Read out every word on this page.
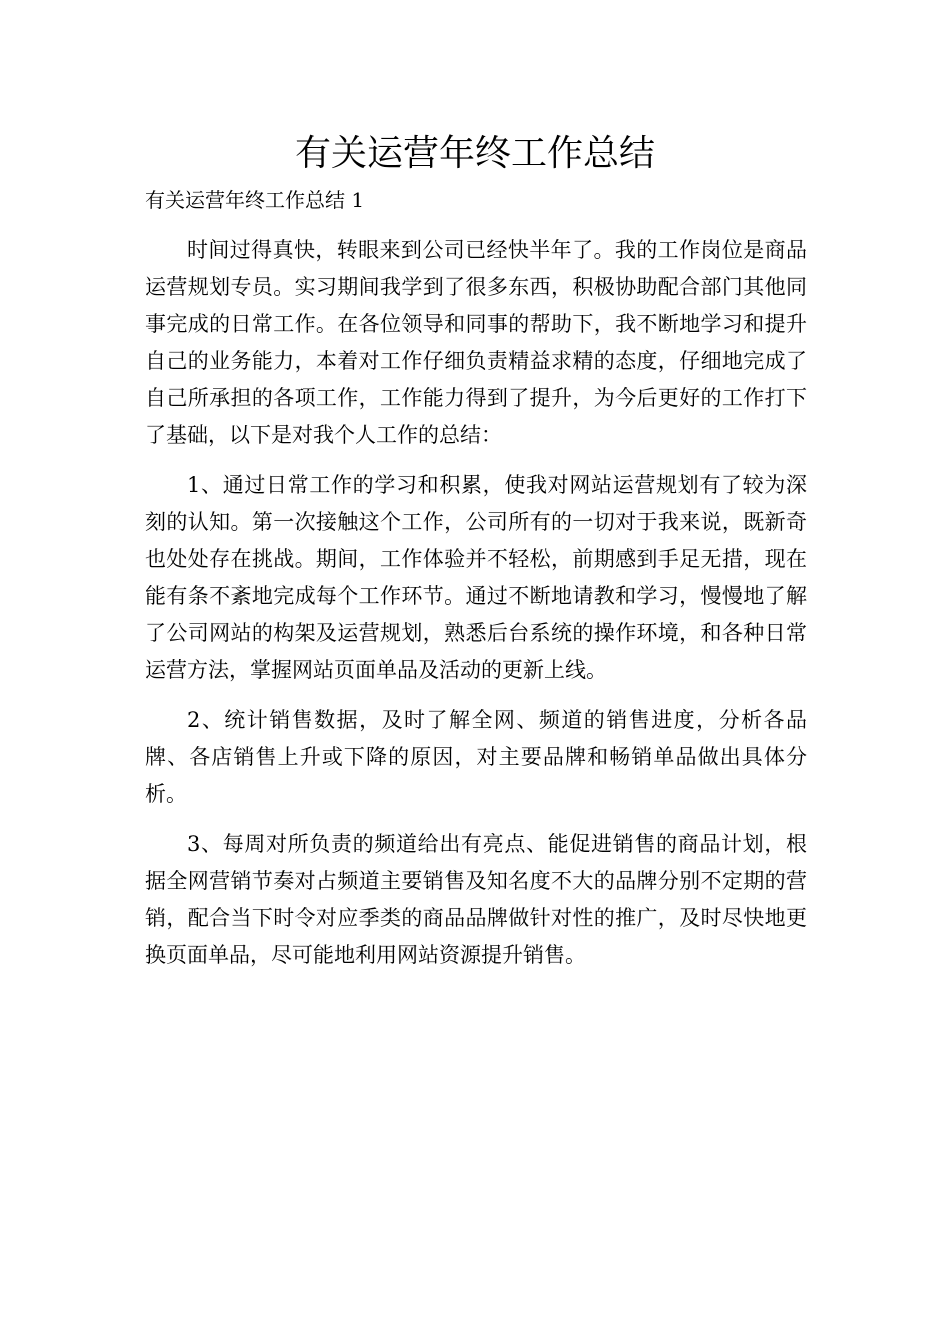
有关运营年终工作总结
有关运营年终工作总结 1

时间过得真快，转眼来到公司已经快半年了。我的工作岗位是商品运营规划专员。实习期间我学到了很多东西，积极协助配合部门其他同事完成的日常工作。在各位领导和同事的帮助下，我不断地学习和提升自己的业务能力，本着对工作仔细负责精益求精的态度，仔细地完成了自己所承担的各项工作，工作能力得到了提升，为今后更好的工作打下了基础，以下是对我个人工作的总结：

1、通过日常工作的学习和积累，使我对网站运营规划有了较为深刻的认知。第一次接触这个工作，公司所有的一切对于我来说，既新奇也处处存在挑战。期间，工作体验并不轻松，前期感到手足无措，现在能有条不紊地完成每个工作环节。通过不断地请教和学习，慢慢地了解了公司网站的构架及运营规划，熟悉后台系统的操作环境，和各种日常运营方法，掌握网站页面单品及活动的更新上线。

2、统计销售数据，及时了解全网、频道的销售进度，分析各品牌、各店销售上升或下降的原因，对主要品牌和畅销单品做出具体分析。

3、每周对所负责的频道给出有亮点、能促进销售的商品计划，根据全网营销节奏对占频道主要销售及知名度不大的品牌分别不定期的营销，配合当下时令对应季类的商品品牌做针对性的推广，及时尽快地更换页面单品，尽可能地利用网站资源提升销售。
